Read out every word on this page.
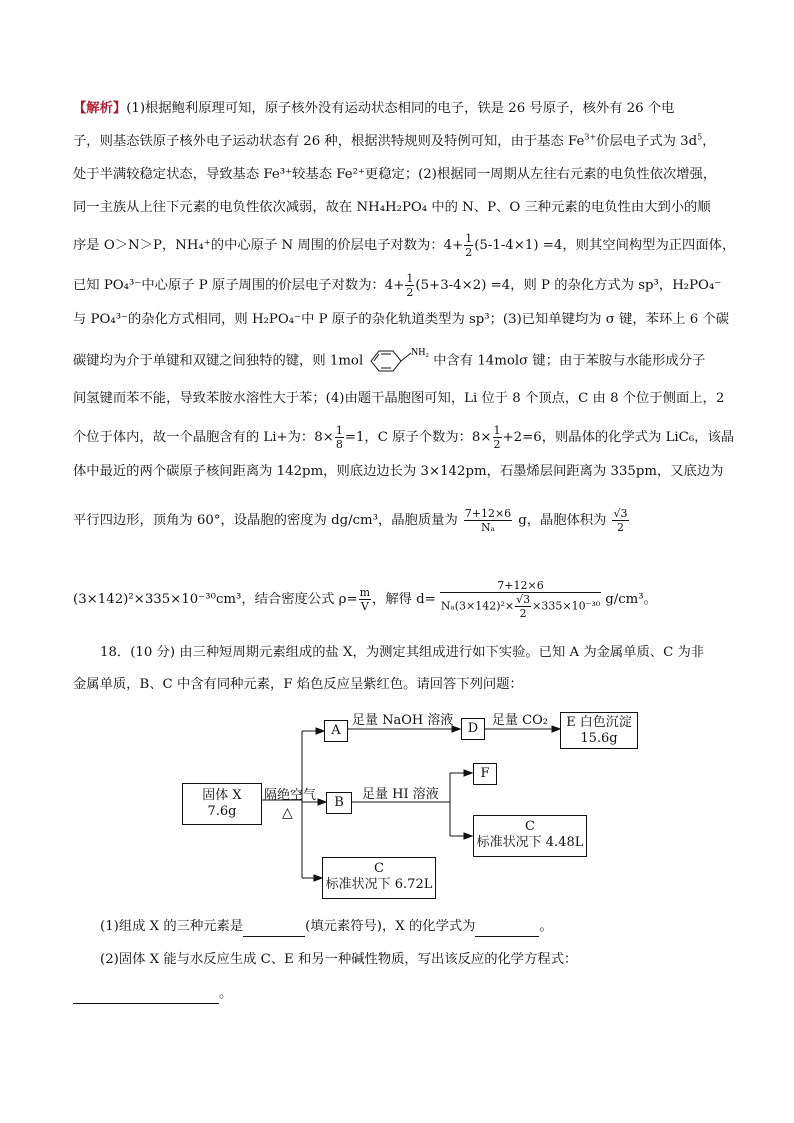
【解析】(1)根据鲍利原理可知，原子核外没有运动状态相同的电子，铁是 26 号原子，核外有 26 个电
子，则基态铁原子核外电子运动状态有 26 种，根据洪特规则及特例可知，由于基态 $Fe^{3+}$价层电子式为 $3d^5$，
处于半满较稳定状态，导致基态 Fe³⁺较基态 Fe²⁺更稳定；(2)根据同一周期从左往右元素的电负性依次增强，
同一主族从上往下元素的电负性依次减弱，故在 NH₄H₂PO₄ 中的 N、P、O 三种元素的电负性由大到小的顺
序是 O＞N＞P，NH₄⁺的中心原子 N 周围的价层电子对数为：$4+ \frac{1}{2} (5-1-4\times 1) =4$，则其空间构型为正四面体，
已知 PO₄³⁻中心原子 P 原子周围的价层电子对数为：$4+ \frac{1}{2} (5+3-4\times 2) =4$，则 P 的杂化方式为 sp³，H₂PO₄⁻
与 PO₄³⁻的杂化方式相同，则 H₂PO₄⁻中 P 原子的杂化轨道类型为 sp³；(3)已知单键均为 σ 键，苯环上 6 个碳
碳键均为介于单键和双键之间独特的键，则 1mol
NH₂
中含有 14molσ 键；由于苯胺与水能形成分子
间氢键而苯不能，导致苯胺水溶性大于苯；(4)由题干晶胞图可知，Li 位于 8 个顶点，C 由 8 个位于侧面上，2
个位于体内，故一个晶胞含有的 Li+为：$8\times \frac{1}{8} =1$，C 原子个数为：$8\times \frac{1}{2} +2=6$，则晶体的化学式为 LiC₆，该晶
体中最近的两个碳原子核间距离为 142pm，则底边边长为 3×142pm，石墨烯层间距离为 335pm，又底边为
平行四边形，顶角为 60°，设晶胞的密度为 dg/cm³，晶胞质量为 $\frac{7+12\times 6}{\text{Nₐ}}$ g，晶胞体积为 $\frac{√3}{2}$
(3×142)²×335×10⁻³⁰cm³，结合密度公式 $\rho= \frac{m}{V}$ ，解得 $d= \frac{7+12\times 6}{N_a(3\times 142)^2\times \frac{√3}{2} \times 335\times 10^{-30}} g/cm^3$。
18．(10 分) 由三种短周期元素组成的盐 X，为测定其组成进行如下实验。已知 A 为金属单质、C 为非
金属单质，B、C 中含有同种元素，F 焰色反应呈紫红色。请回答下列问题：
固体 X
7.6g
隔绝空气
△
A
足量 NaOH 溶液
D
足量 CO₂	E 白色沉淀
15.6g
B
足量 HI 溶液
F
C
标准状况下 4.48L
C
标准状况下 6.72L
(1)组成 X 的三种元素是	(填元素符号)，X 的化学式为	。
(2)固体 X 能与水反应生成 C、E 和另一种碱性物质，写出该反应的化学方程式：
。
